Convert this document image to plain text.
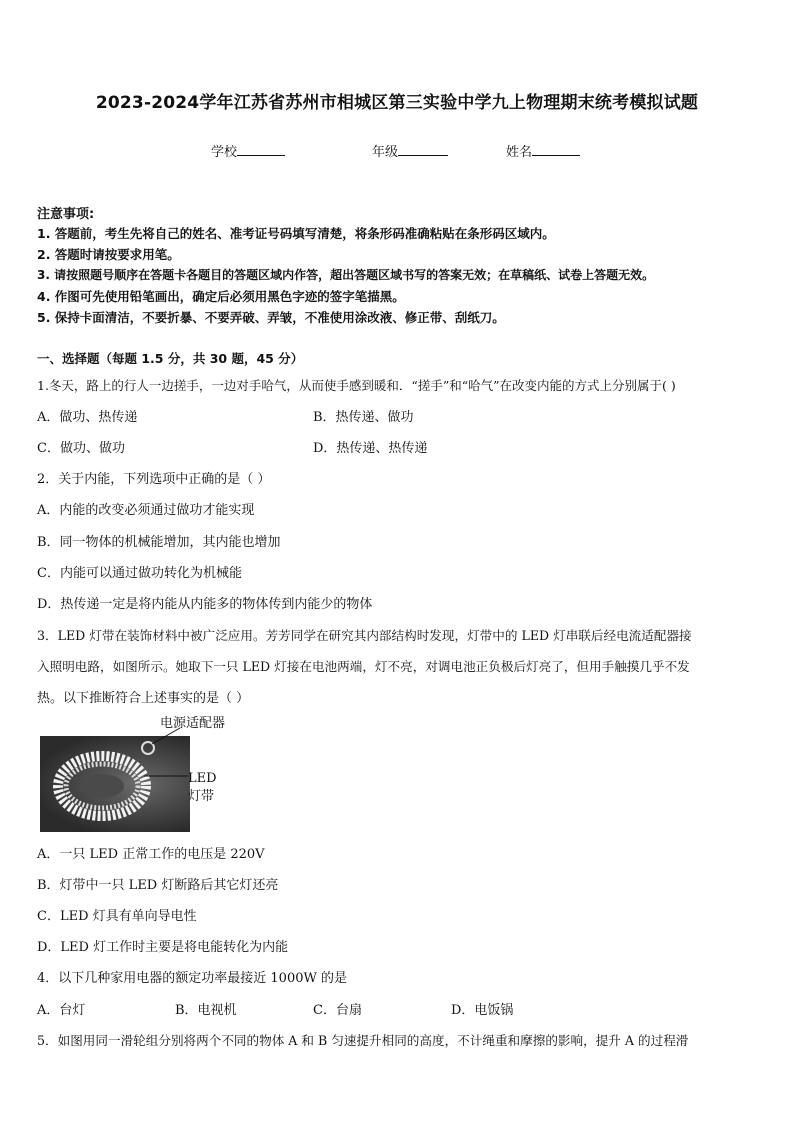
2023-2024学年江苏省苏州市相城区第三实验中学九上物理期末统考模拟试题
学校	年级	姓名
注意事项:
1. 答题前，考生先将自己的姓名、准考证号码填写清楚，将条形码准确粘贴在条形码区域内。
2. 答题时请按要求用笔。
3. 请按照题号顺序在答题卡各题目的答题区域内作答，超出答题区域书写的答案无效；在草稿纸、试卷上答题无效。
4. 作图可先使用铅笔画出，确定后必须用黑色字迹的签字笔描黑。
5. 保持卡面清洁，不要折暴、不要弄破、弄皱，不准使用涂改液、修正带、刮纸刀。
一、选择题（每题 1.5 分，共 30 题，45 分）
1.冬天，路上的行人一边搓手，一边对手哈气，从而使手感到暖和．“搓手”和“哈气”在改变内能的方式上分别属于( )
A．做功、热传递	B．热传递、做功
C．做功、做功	D．热传递、热传递
2．关于内能，下列选项中正确的是（ ）
A．内能的改变必须通过做功才能实现
B．同一物体的机械能增加，其内能也增加
C．内能可以通过做功转化为机械能
D．热传递一定是将内能从内能多的物体传到内能少的物体
3．LED 灯带在装饰材料中被广泛应用。芳芳同学在研究其内部结构时发现，灯带中的 LED 灯串联后经电流适配器接
入照明电路，如图所示。她取下一只 LED 灯接在电池两端，灯不亮，对调电池正负极后灯亮了，但用手触摸几乎不发
热。以下推断符合上述事实的是（ ）
电源适配器
LED
灯带
A．一只 LED 正常工作的电压是 220V
B．灯带中一只 LED 灯断路后其它灯还亮
C．LED 灯具有单向导电性
D．LED 灯工作时主要是将电能转化为内能
4．以下几种家用电器的额定功率最接近 1000W 的是
A．台灯	B．电视机	C．台扇	D．电饭锅
5．如图用同一滑轮组分别将两个不同的物体 A 和 B 匀速提升相同的高度，不计绳重和摩擦的影响，提升 A 的过程滑
